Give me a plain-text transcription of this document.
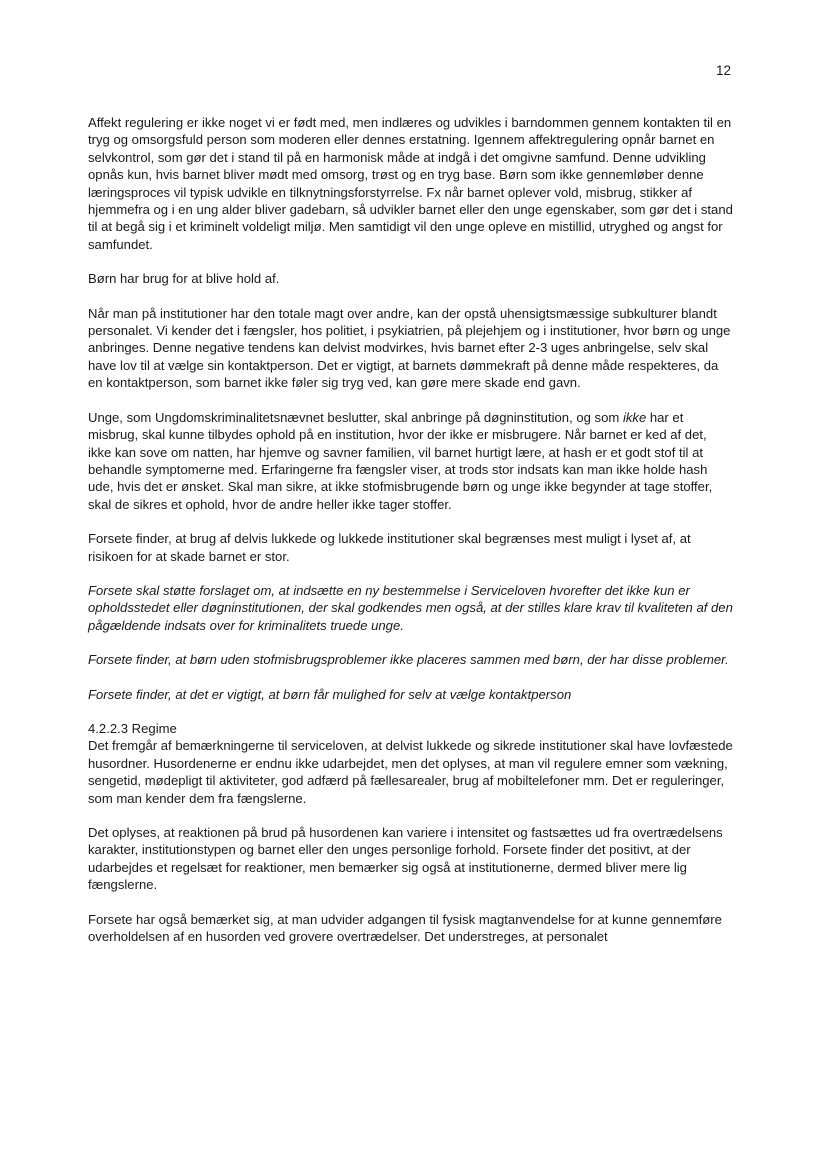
12

Affekt regulering er ikke noget vi er født med, men indlæres og udvikles i barndommen gennem kontakten til en tryg og omsorgsfuld person som moderen eller dennes erstatning. Igennem affektregulering opnår barnet en selvkontrol, som gør det i stand til på en harmonisk måde at indgå i det omgivne samfund. Denne udvikling opnås kun, hvis barnet bliver mødt med omsorg, trøst og en tryg base. Børn som ikke gennemløber denne læringsproces vil typisk udvikle en tilknytningsforstyrrelse. Fx når barnet oplever vold, misbrug, stikker af hjemmefra og i en ung alder bliver gadebarn, så udvikler barnet eller den unge egenskaber, som gør det i stand til at begå sig i et kriminelt voldeligt miljø. Men samtidigt vil den unge opleve en mistillid, utryghed og angst for samfundet.

Børn har brug for at blive hold af.

Når man på institutioner har den totale magt over andre, kan der opstå uhensigtsmæssige subkulturer blandt personalet. Vi kender det i fængsler, hos politiet, i psykiatrien, på plejehjem og i institutioner, hvor børn og unge anbringes. Denne negative tendens kan delvist modvirkes, hvis barnet efter 2-3 uges anbringelse, selv skal have lov til at vælge sin kontaktperson. Det er vigtigt, at barnets dømmekraft på denne måde respekteres, da en kontaktperson, som barnet ikke føler sig tryg ved, kan gøre mere skade end gavn.

Unge, som Ungdomskriminalitetsnævnet beslutter, skal anbringe på døgninstitution, og som ikke har et misbrug, skal kunne tilbydes ophold på en institution, hvor der ikke er misbrugere. Når barnet er ked af det, ikke kan sove om natten, har hjemve og savner familien, vil barnet hurtigt lære, at hash er et godt stof til at behandle symptomerne med. Erfaringerne fra fængsler viser, at trods stor indsats kan man ikke holde hash ude, hvis det er ønsket. Skal man sikre, at ikke stofmisbrugende børn og unge ikke begynder at tage stoffer, skal de sikres et ophold, hvor de andre heller ikke tager stoffer.

Forsete finder, at brug af delvis lukkede og lukkede institutioner skal begrænses mest muligt i lyset af, at risikoen for at skade barnet er stor.

Forsete skal støtte forslaget om, at indsætte en ny bestemmelse i Serviceloven hvorefter det ikke kun er opholdsstedet eller døgninstitutionen, der skal godkendes men også, at der stilles klare krav til kvaliteten af den pågældende indsats over for kriminalitets truede unge.

Forsete finder, at børn uden stofmisbrugsproblemer ikke placeres sammen med børn, der har disse problemer.

Forsete finder, at det er vigtigt, at børn får mulighed for selv at vælge kontaktperson

4.2.2.3 Regime
Det fremgår af bemærkningerne til serviceloven, at delvist lukkede og sikrede institutioner skal have lovfæstede husordner. Husordenerne er endnu ikke udarbejdet, men det oplyses, at man vil regulere emner som vækning, sengetid, mødepligt til aktiviteter, god adfærd på fællesarealer, brug af mobiltelefoner mm. Det er reguleringer, som man kender dem fra fængslerne.

Det oplyses, at reaktionen på brud på husordenen kan variere i intensitet og fastsættes ud fra overtrædelsens karakter, institutionstypen og barnet eller den unges personlige forhold. Forsete finder det positivt, at der udarbejdes et regelsæt for reaktioner, men bemærker sig også at institutionerne, dermed bliver mere lig fængslerne.

Forsete har også bemærket sig, at man udvider adgangen til fysisk magtanvendelse for at kunne gennemføre overholdelsen af en husorden ved grovere overtrædelser. Det understreges, at personalet
